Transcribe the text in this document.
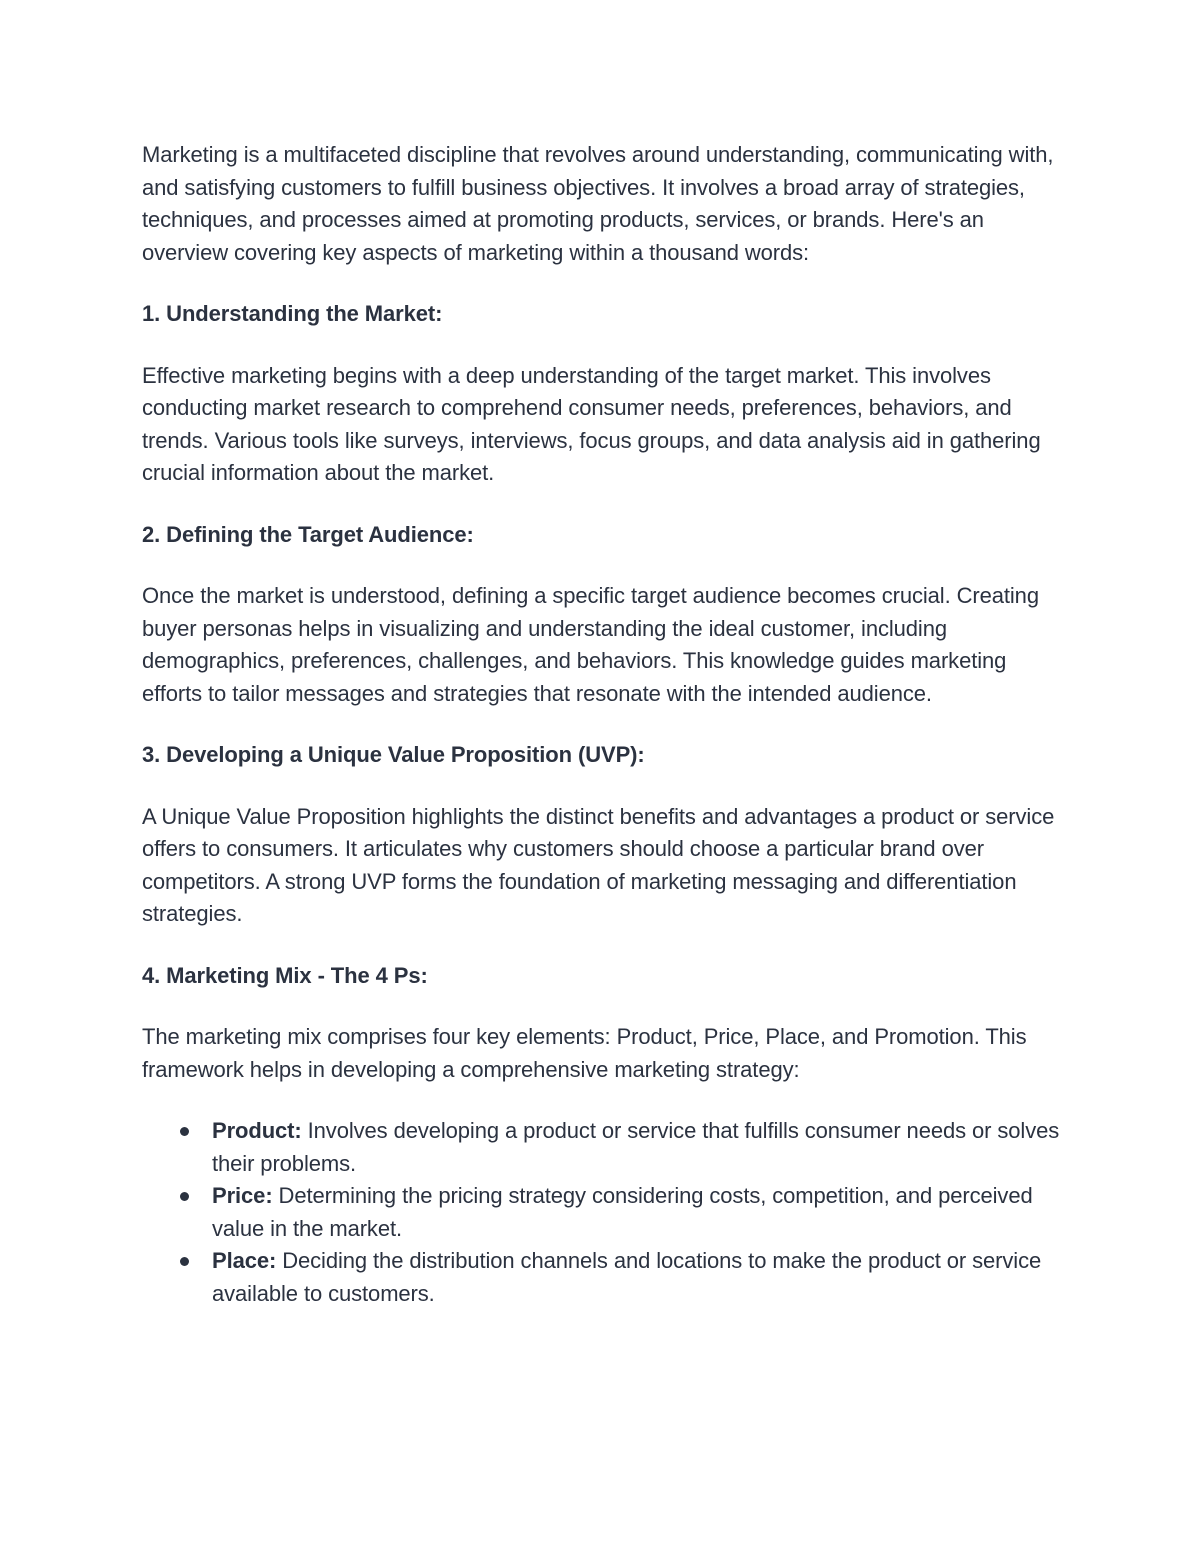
Marketing is a multifaceted discipline that revolves around understanding, communicating with, and satisfying customers to fulfill business objectives. It involves a broad array of strategies, techniques, and processes aimed at promoting products, services, or brands. Here's an overview covering key aspects of marketing within a thousand words:

1. Understanding the Market:

Effective marketing begins with a deep understanding of the target market. This involves conducting market research to comprehend consumer needs, preferences, behaviors, and trends. Various tools like surveys, interviews, focus groups, and data analysis aid in gathering crucial information about the market.

2. Defining the Target Audience:

Once the market is understood, defining a specific target audience becomes crucial. Creating buyer personas helps in visualizing and understanding the ideal customer, including demographics, preferences, challenges, and behaviors. This knowledge guides marketing efforts to tailor messages and strategies that resonate with the intended audience.

3. Developing a Unique Value Proposition (UVP):

A Unique Value Proposition highlights the distinct benefits and advantages a product or service offers to consumers. It articulates why customers should choose a particular brand over competitors. A strong UVP forms the foundation of marketing messaging and differentiation strategies.

4. Marketing Mix - The 4 Ps:

The marketing mix comprises four key elements: Product, Price, Place, and Promotion. This framework helps in developing a comprehensive marketing strategy:

Product: Involves developing a product or service that fulfills consumer needs or solves their problems.
Price: Determining the pricing strategy considering costs, competition, and perceived value in the market.
Place: Deciding the distribution channels and locations to make the product or service available to customers.
